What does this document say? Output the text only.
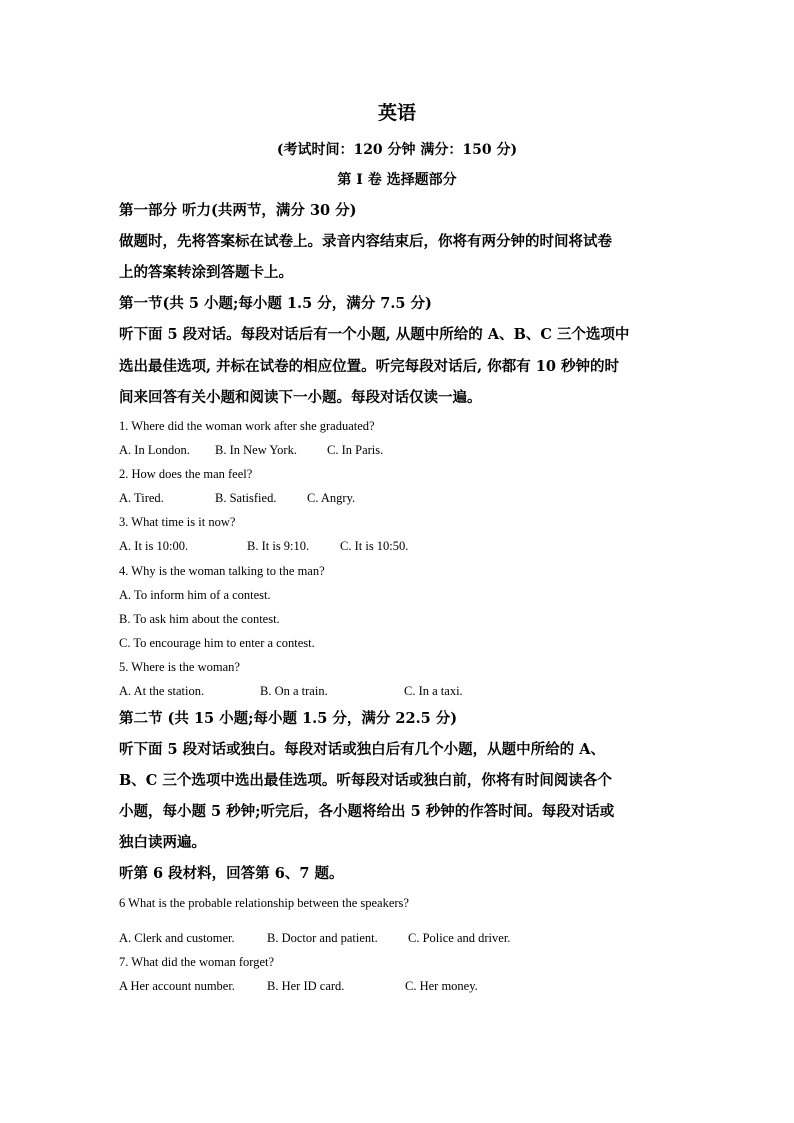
英语
(考试时间：120 分钟 满分：150 分)
第 I 卷 选择题部分
第一部分 听力(共两节，满分 30 分)
做题时，先将答案标在试卷上。录音内容结束后，你将有两分钟的时间将试卷
上的答案转涂到答题卡上。
第一节(共 5 小题;每小题 1.5 分，满分 7.5 分)
听下面 5 段对话。每段对话后有一个小题, 从题中所给的 A、B、C 三个选项中
选出最佳选项, 并标在试卷的相应位置。听完每段对话后, 你都有 10 秒钟的时
间来回答有关小题和阅读下一小题。每段对话仅读一遍。
1. Where did the woman work after she graduated?
A. In London. B. In New York. C. In Paris.
2. How does the man feel?
A. Tired.	B. Satisfied. C. Angry.
3. What time is it now?
A. It is 10:00.	B. It is 9:10. C. It is 10:50.
4. Why is the woman talking to the man?
A. To inform him of a contest.
B. To ask him about the contest.
C. To encourage him to enter a contest.
5. Where is the woman?
A. At the station.	B. On a train.	C. In a taxi.
第二节 (共 15 小题;每小题 1.5 分，满分 22.5 分)
听下面 5 段对话或独白。每段对话或独白后有几个小题，从题中所给的 A、
B、C 三个选项中选出最佳选项。听每段对话或独白前，你将有时间阅读各个
小题，每小题 5 秒钟;听完后，各小题将给出 5 秒钟的作答时间。每段对话或
独白读两遍。
听第 6 段材料，回答第 6、7 题。
6 What is the probable relationship between the speakers?
A. Clerk and customer.	B. Doctor and patient. C. Police and driver.
7. What did the woman forget?
A Her account number.	B. Her ID card.	C. Her money.
